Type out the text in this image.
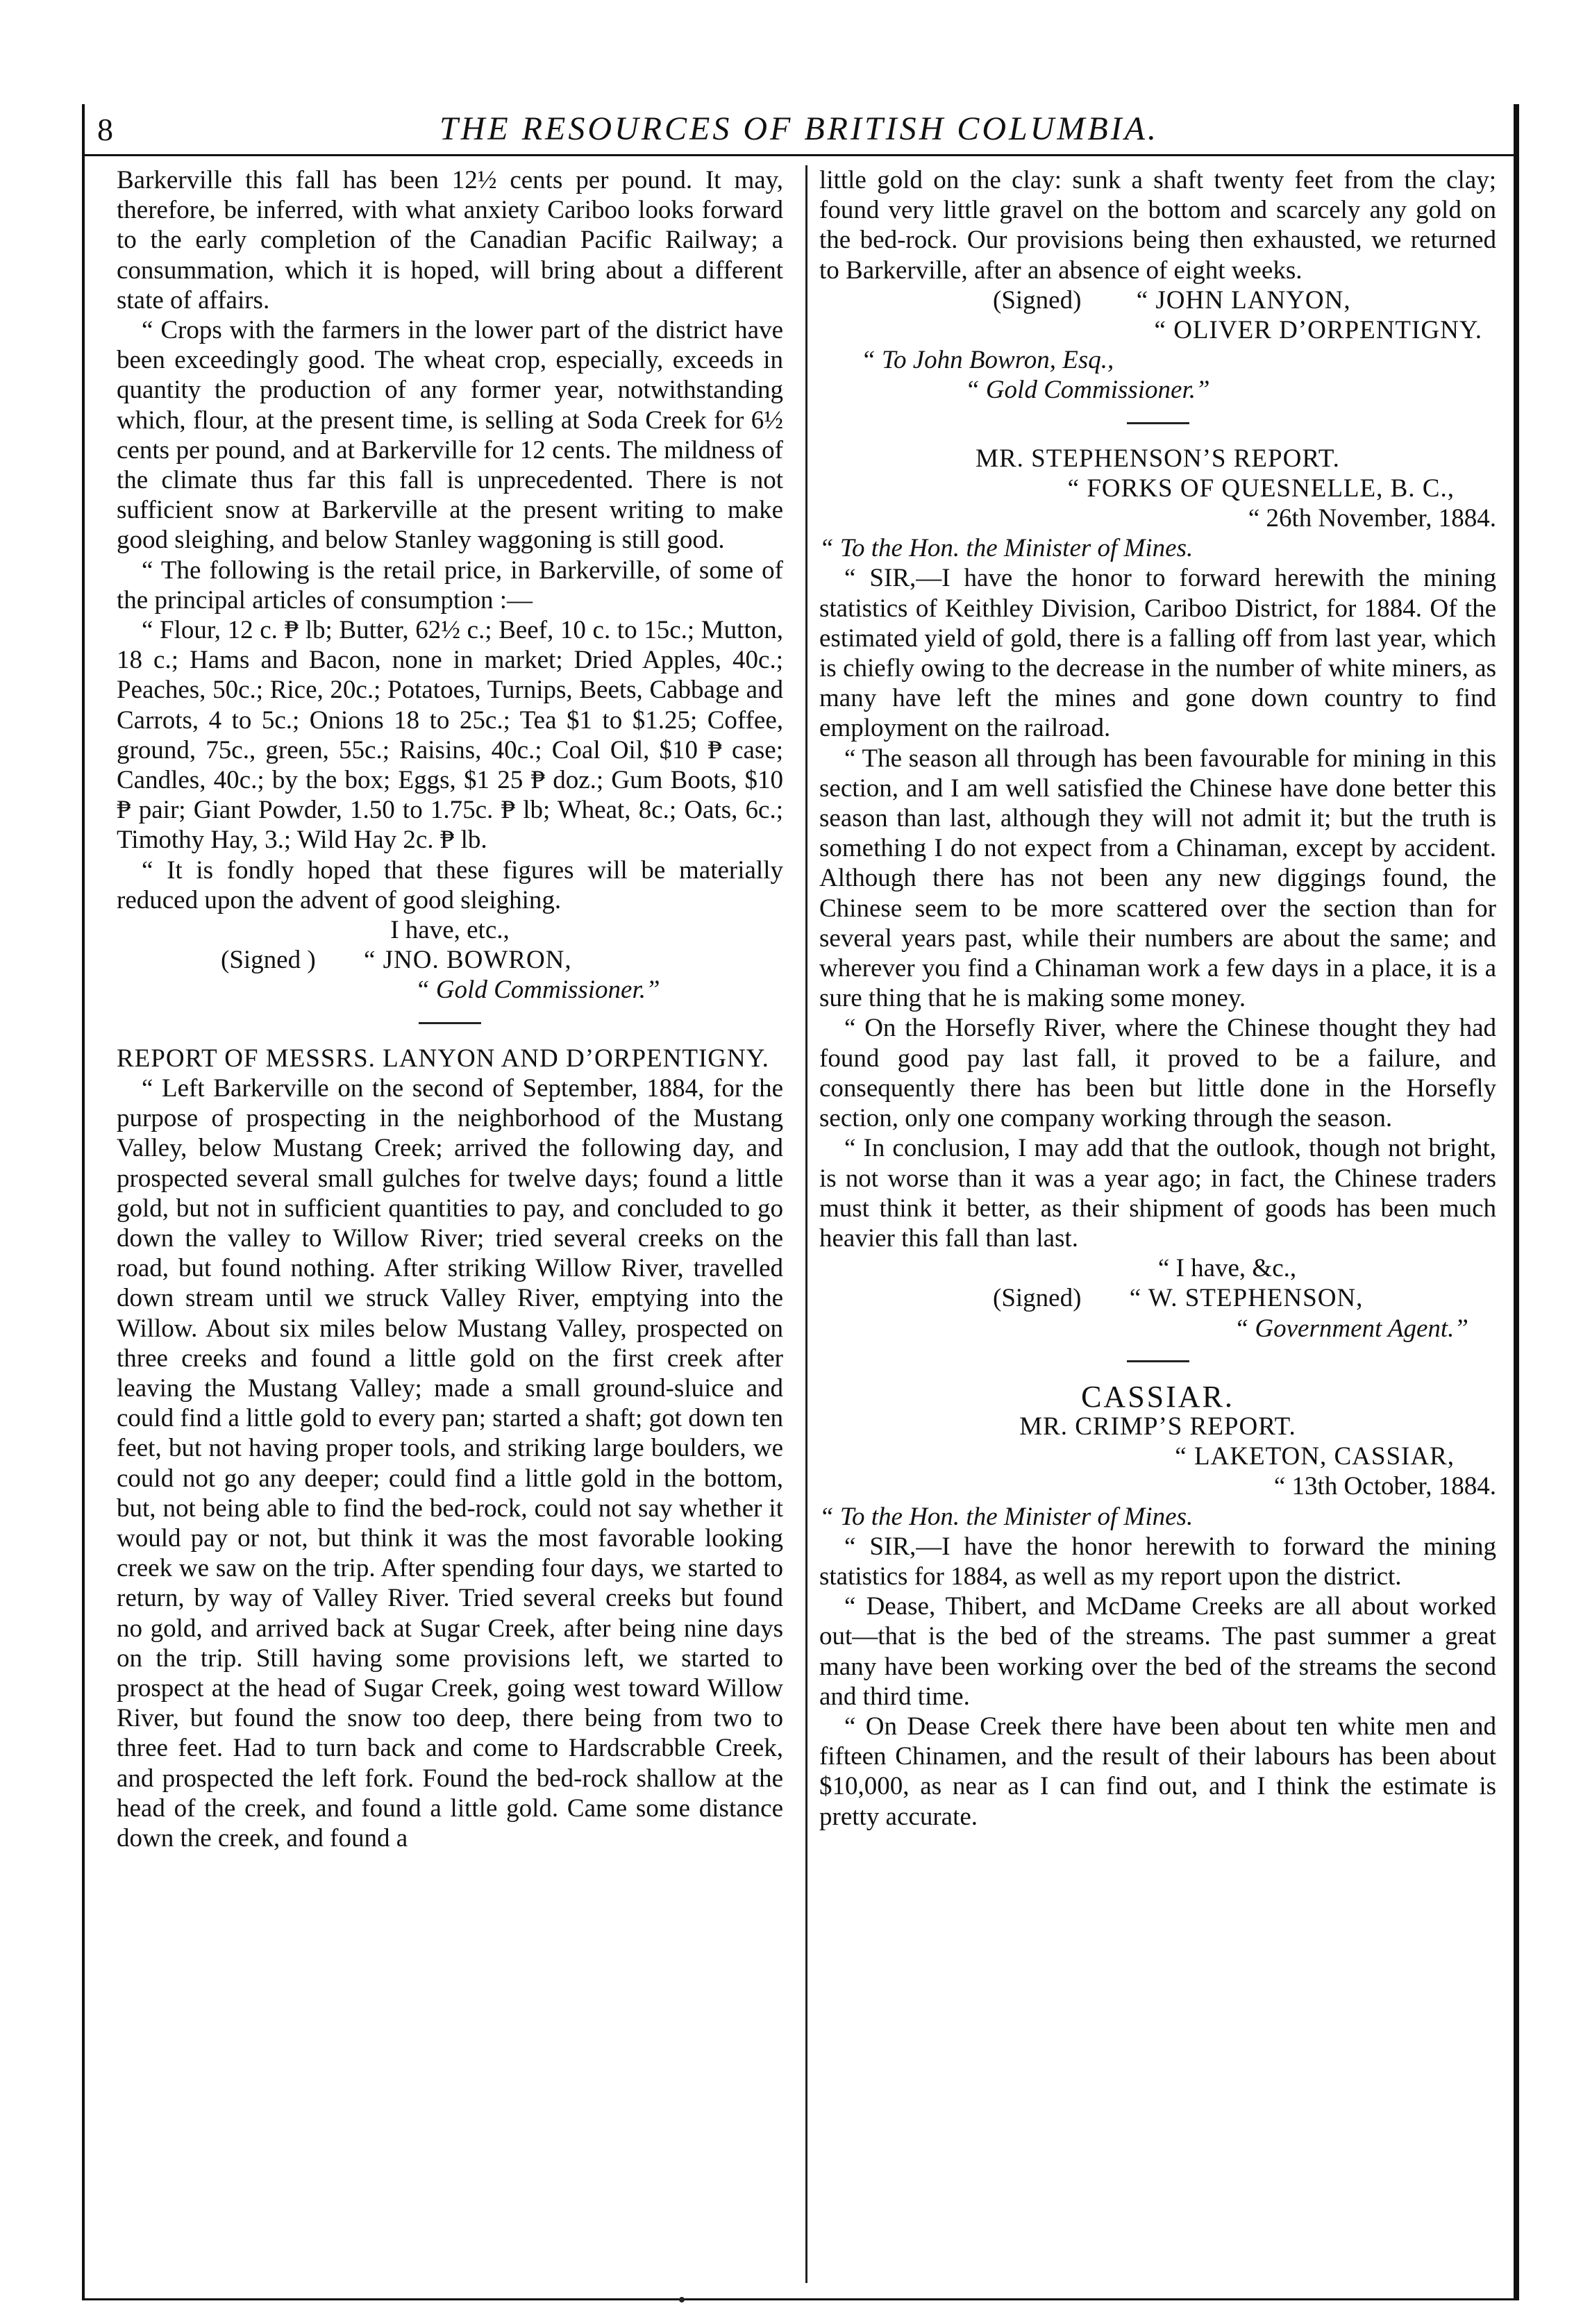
8	THE RESOURCES OF BRITISH COLUMBIA.

Barkerville this fall has been 12½ cents per pound. It may, therefore, be inferred, with what anxiety Cariboo looks forward to the early completion of the Canadian Pacific Railway; a consummation, which it is hoped, will bring about a different state of affairs.

“ Crops with the farmers in the lower part of the district have been exceedingly good. The wheat crop, especially, exceeds in quantity the production of any former year, notwithstanding which, flour, at the present time, is selling at Soda Creek for 6½ cents per pound, and at Barkerville for 12 cents. The mildness of the climate thus far this fall is unprecedented. There is not sufficient snow at Barkerville at the present writing to make good sleighing, and below Stanley waggoning is still good.

“ The following is the retail price, in Barkerville, of some of the principal articles of consumption :—

“ Flour, 12 c. ₱ lb; Butter, 62½ c.; Beef, 10 c. to 15c.; Mutton, 18 c.; Hams and Bacon, none in market; Dried Apples, 40c.; Peaches, 50c.; Rice, 20c.; Potatoes, Turnips, Beets, Cabbage and Carrots, 4 to 5c.; Onions 18 to 25c.; Tea $1 to $1.25; Coffee, ground, 75c., green, 55c.; Raisins, 40c.; Coal Oil, $10 ₱ case; Candles, 40c.; by the box; Eggs, $1 25 ₱ doz.; Gum Boots, $10 ₱ pair; Giant Powder, 1.50 to 1.75c. ₱ lb; Wheat, 8c.; Oats, 6c.; Timothy Hay, 3.; Wild Hay 2c. ₱ lb.

“ It is fondly hoped that these figures will be materially reduced upon the advent of good sleighing.

I have, etc.,

(Signed ) “ JNO. BOWRON,

“ Gold Commissioner.”

REPORT OF MESSRS. LANYON AND D’ORPENTIGNY.

“ Left Barkerville on the second of September, 1884, for the purpose of prospecting in the neighborhood of the Mustang Valley, below Mustang Creek; arrived the following day, and prospected several small gulches for twelve days; found a little gold, but not in sufficient quantities to pay, and concluded to go down the valley to Willow River; tried several creeks on the road, but found nothing. After striking Willow River, travelled down stream until we struck Valley River, emptying into the Willow. About six miles below Mustang Valley, prospected on three creeks and found a little gold on the first creek after leaving the Mustang Valley; made a small ground-sluice and could find a little gold to every pan; started a shaft; got down ten feet, but not having proper tools, and striking large boulders, we could not go any deeper; could find a little gold in the bottom, but, not being able to find the bed-rock, could not say whether it would pay or not, but think it was the most favorable looking creek we saw on the trip. After spending four days, we started to return, by way of Valley River. Tried several creeks but found no gold, and arrived back at Sugar Creek, after being nine days on the trip. Still having some provisions left, we started to prospect at the head of Sugar Creek, going west toward Willow River, but found the snow too deep, there being from two to three feet. Had to turn back and come to Hardscrabble Creek, and prospected the left fork. Found the bed-rock shallow at the head of the creek, and found a little gold. Came some distance down the creek, and found a

little gold on the clay: sunk a shaft twenty feet from the clay; found very little gravel on the bottom and scarcely any gold on the bed-rock. Our provisions being then exhausted, we returned to Barkerville, after an absence of eight weeks.

(Signed) “ JOHN LANYON,

“ OLIVER D’ORPENTIGNY.

“ To John Bowron, Esq.,

“ Gold Commissioner.”

MR. STEPHENSON’S REPORT.

“ FORKS OF QUESNELLE, B. C.,

“ 26th November, 1884.

“ To the Hon. the Minister of Mines.

“ SIR,—I have the honor to forward herewith the mining statistics of Keithley Division, Cariboo District, for 1884. Of the estimated yield of gold, there is a falling off from last year, which is chiefly owing to the decrease in the number of white miners, as many have left the mines and gone down country to find employment on the railroad.

“ The season all through has been favourable for mining in this section, and I am well satisfied the Chinese have done better this season than last, although they will not admit it; but the truth is something I do not expect from a Chinaman, except by accident. Although there has not been any new diggings found, the Chinese seem to be more scattered over the section than for several years past, while their numbers are about the same; and wherever you find a Chinaman work a few days in a place, it is a sure thing that he is making some money.

“ On the Horsefly River, where the Chinese thought they had found good pay last fall, it proved to be a failure, and consequently there has been but little done in the Horsefly section, only one company working through the season.

“ In conclusion, I may add that the outlook, though not bright, is not worse than it was a year ago; in fact, the Chinese traders must think it better, as their shipment of goods has been much heavier this fall than last.

“ I have, &c.,

(Signed) “ W. STEPHENSON,

“ Government Agent.”

CASSIAR.

MR. CRIMP’S REPORT.

“ LAKETON, CASSIAR,

“ 13th October, 1884.

“ To the Hon. the Minister of Mines.

“ SIR,—I have the honor herewith to forward the mining statistics for 1884, as well as my report upon the district.

“ Dease, Thibert, and McDame Creeks are all about worked out—that is the bed of the streams. The past summer a great many have been working over the bed of the streams the second and third time.

“ On Dease Creek there have been about ten white men and fifteen Chinamen, and the result of their labours has been about $10,000, as near as I can find out, and I think the estimate is pretty accurate.
